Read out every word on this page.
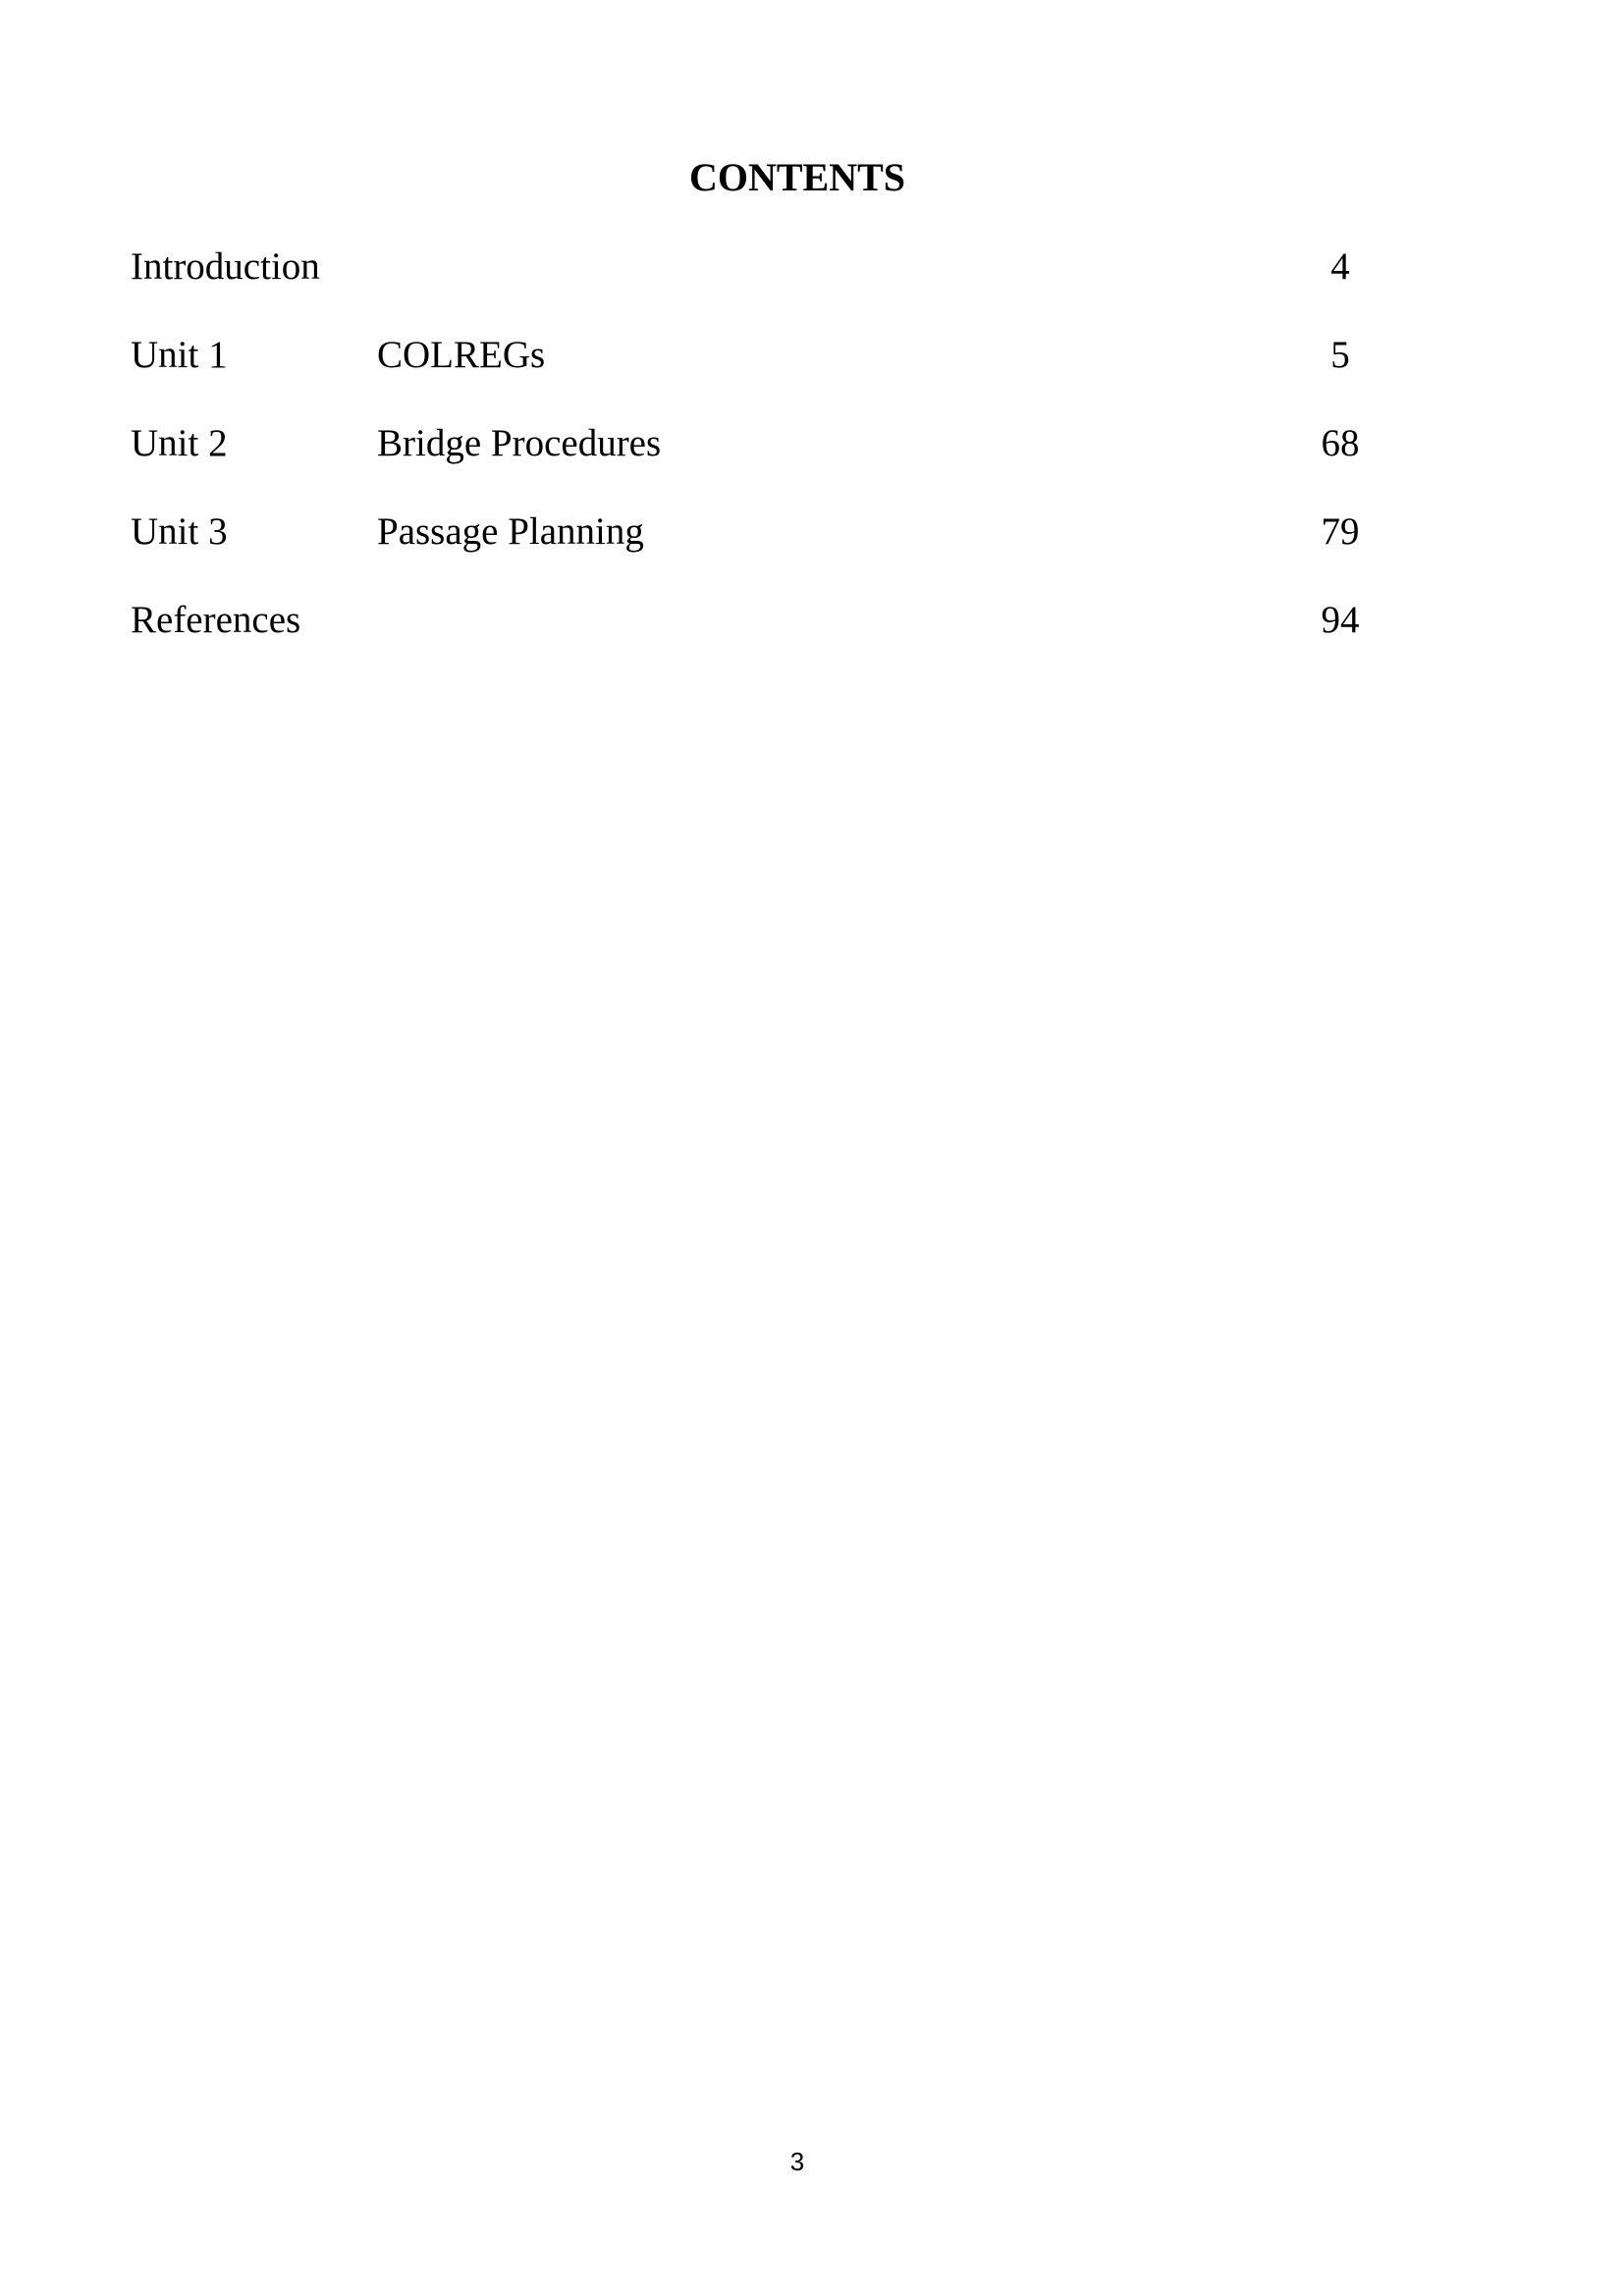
CONTENTS
Introduction	4
Unit 1	COLREGs	5
Unit 2	Bridge Procedures	68
Unit 3	Passage Planning	79
References	94
3
